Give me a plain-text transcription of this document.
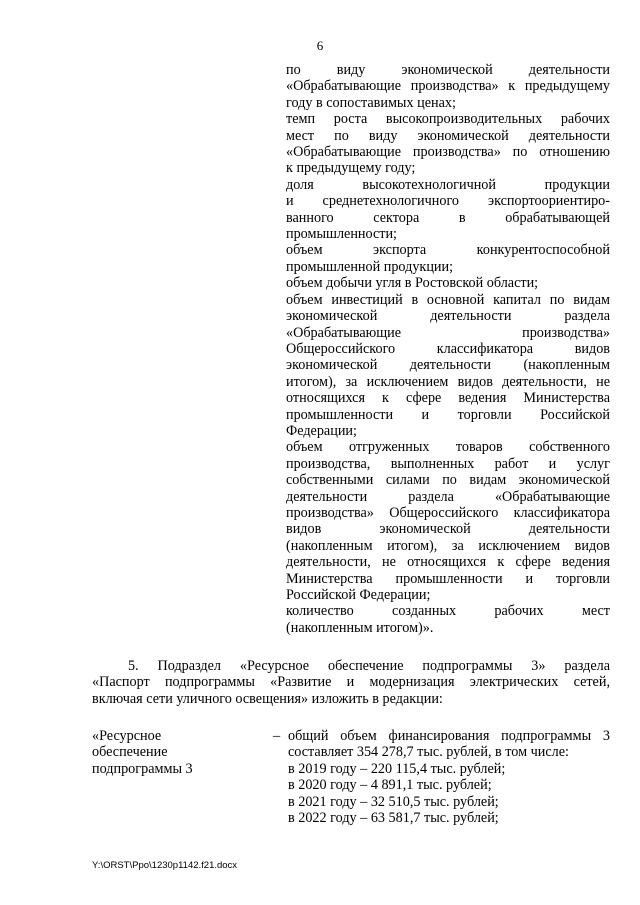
6
по виду экономической деятельности
«Обрабатывающие производства» к предыдущему
году в сопоставимых ценах;
темп роста высокопроизводительных рабочих
мест по виду экономической деятельности
«Обрабатывающие производства» по отношению
к предыдущему году;
доля высокотехнологичной продукции
и среднетехнологичного экспортоориентиро-
ванного сектора в обрабатывающей
промышленности;
объем экспорта конкурентоспособной
промышленной продукции;
объем добычи угля в Ростовской области;
объем инвестиций в основной капитал по видам
экономической деятельности раздела
«Обрабатывающие производства»
Общероссийского классификатора видов
экономической деятельности (накопленным
итогом), за исключением видов деятельности, не
относящихся к сфере ведения Министерства
промышленности и торговли Российской
Федерации;
объем отгруженных товаров собственного
производства, выполненных работ и услуг
собственными силами по видам экономической
деятельности раздела «Обрабатывающие
производства» Общероссийского классификатора
видов экономической деятельности
(накопленным итогом), за исключением видов
деятельности, не относящихся к сфере ведения
Министерства промышленности и торговли
Российской Федерации;
количество созданных рабочих мест
(накопленным итогом)».
5. Подраздел «Ресурсное обеспечение подпрограммы 3» раздела
«Паспорт подпрограммы «Развитие и модернизация электрических сетей,
включая сети уличного освещения» изложить в редакции:
«Ресурсное
обеспечение
подпрограммы 3
– общий объем финансирования подпрограммы 3
составляет 354 278,7 тыс. рублей, в том числе:
в 2019 году – 220 115,4 тыс. рублей;
в 2020 году – 4 891,1 тыс. рублей;
в 2021 году – 32 510,5 тыс. рублей;
в 2022 году – 63 581,7 тыс. рублей;
Y:\ORST\Ppo\1230p1142.f21.docx
